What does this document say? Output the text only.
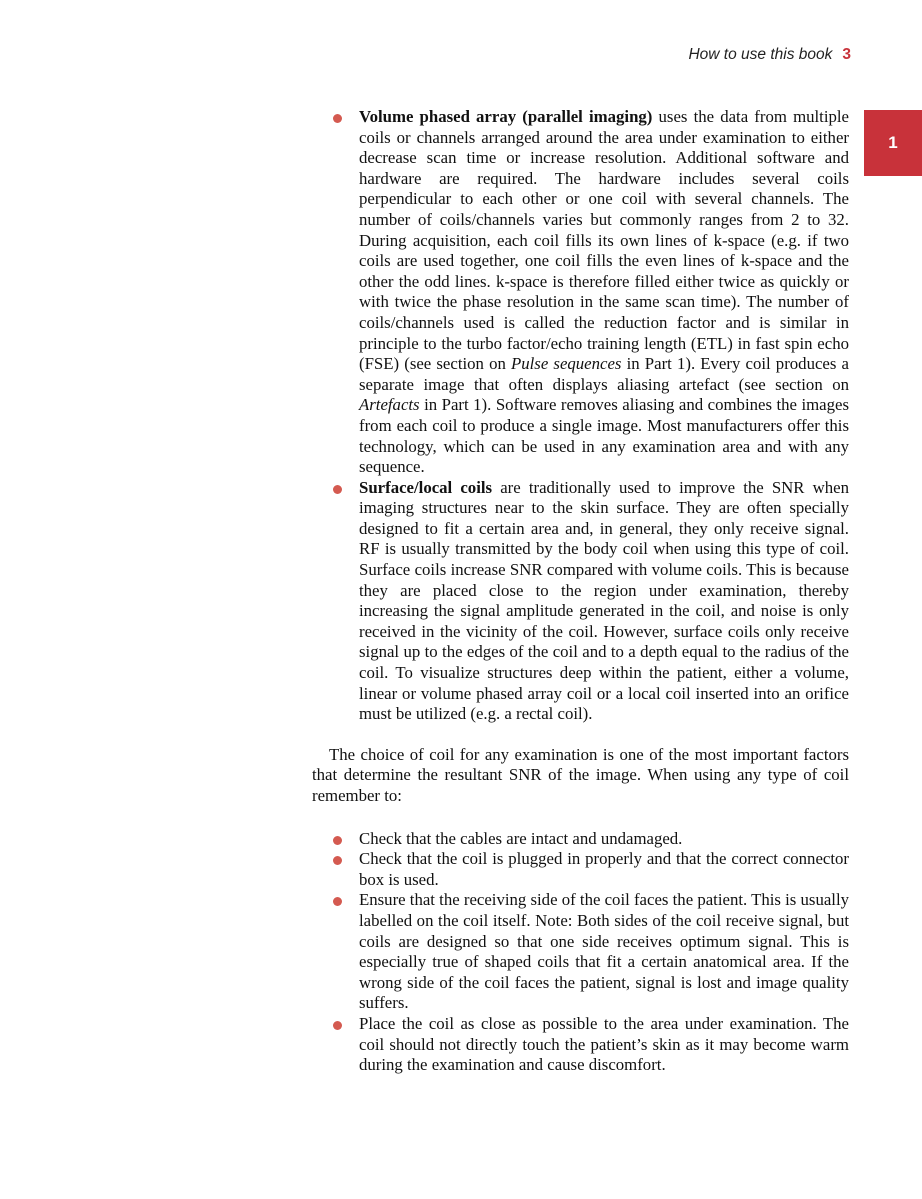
How to use this book 3
1
Volume phased array (parallel imaging) uses the data from multiple coils or channels arranged around the area under examination to either decrease scan time or increase resolution. Additional software and hardware are required. The hardware includes several coils perpendicular to each other or one coil with several channels. The number of coils/channels varies but commonly ranges from 2 to 32. During acquisition, each coil fills its own lines of k-space (e.g. if two coils are used together, one coil fills the even lines of k-space and the other the odd lines. k-space is therefore filled either twice as quickly or with twice the phase resolution in the same scan time). The number of coils/channels used is called the reduction factor and is similar in principle to the turbo factor/echo training length (ETL) in fast spin echo (FSE) (see section on Pulse sequences in Part 1). Every coil produces a separate image that often displays aliasing artefact (see section on Artefacts in Part 1). Software removes aliasing and combines the images from each coil to produce a single image. Most manufacturers offer this technology, which can be used in any examination area and with any sequence.
Surface/local coils are traditionally used to improve the SNR when imaging structures near to the skin surface. They are often specially designed to fit a certain area and, in general, they only receive signal. RF is usually transmitted by the body coil when using this type of coil. Surface coils increase SNR compared with volume coils. This is because they are placed close to the region under examination, thereby increasing the signal amplitude generated in the coil, and noise is only received in the vicinity of the coil. However, surface coils only receive signal up to the edges of the coil and to a depth equal to the radius of the coil. To visualize structures deep within the patient, either a volume, linear or volume phased array coil or a local coil inserted into an orifice must be utilized (e.g. a rectal coil).

The choice of coil for any examination is one of the most important factors that determine the resultant SNR of the image. When using any type of coil remember to:

Check that the cables are intact and undamaged.
Check that the coil is plugged in properly and that the correct connector box is used.
Ensure that the receiving side of the coil faces the patient. This is usually labelled on the coil itself. Note: Both sides of the coil receive signal, but coils are designed so that one side receives optimum signal. This is especially true of shaped coils that fit a certain anatomical area. If the wrong side of the coil faces the patient, signal is lost and image quality suffers.
Place the coil as close as possible to the area under examination. The coil should not directly touch the patient’s skin as it may become warm during the examination and cause discomfort.
